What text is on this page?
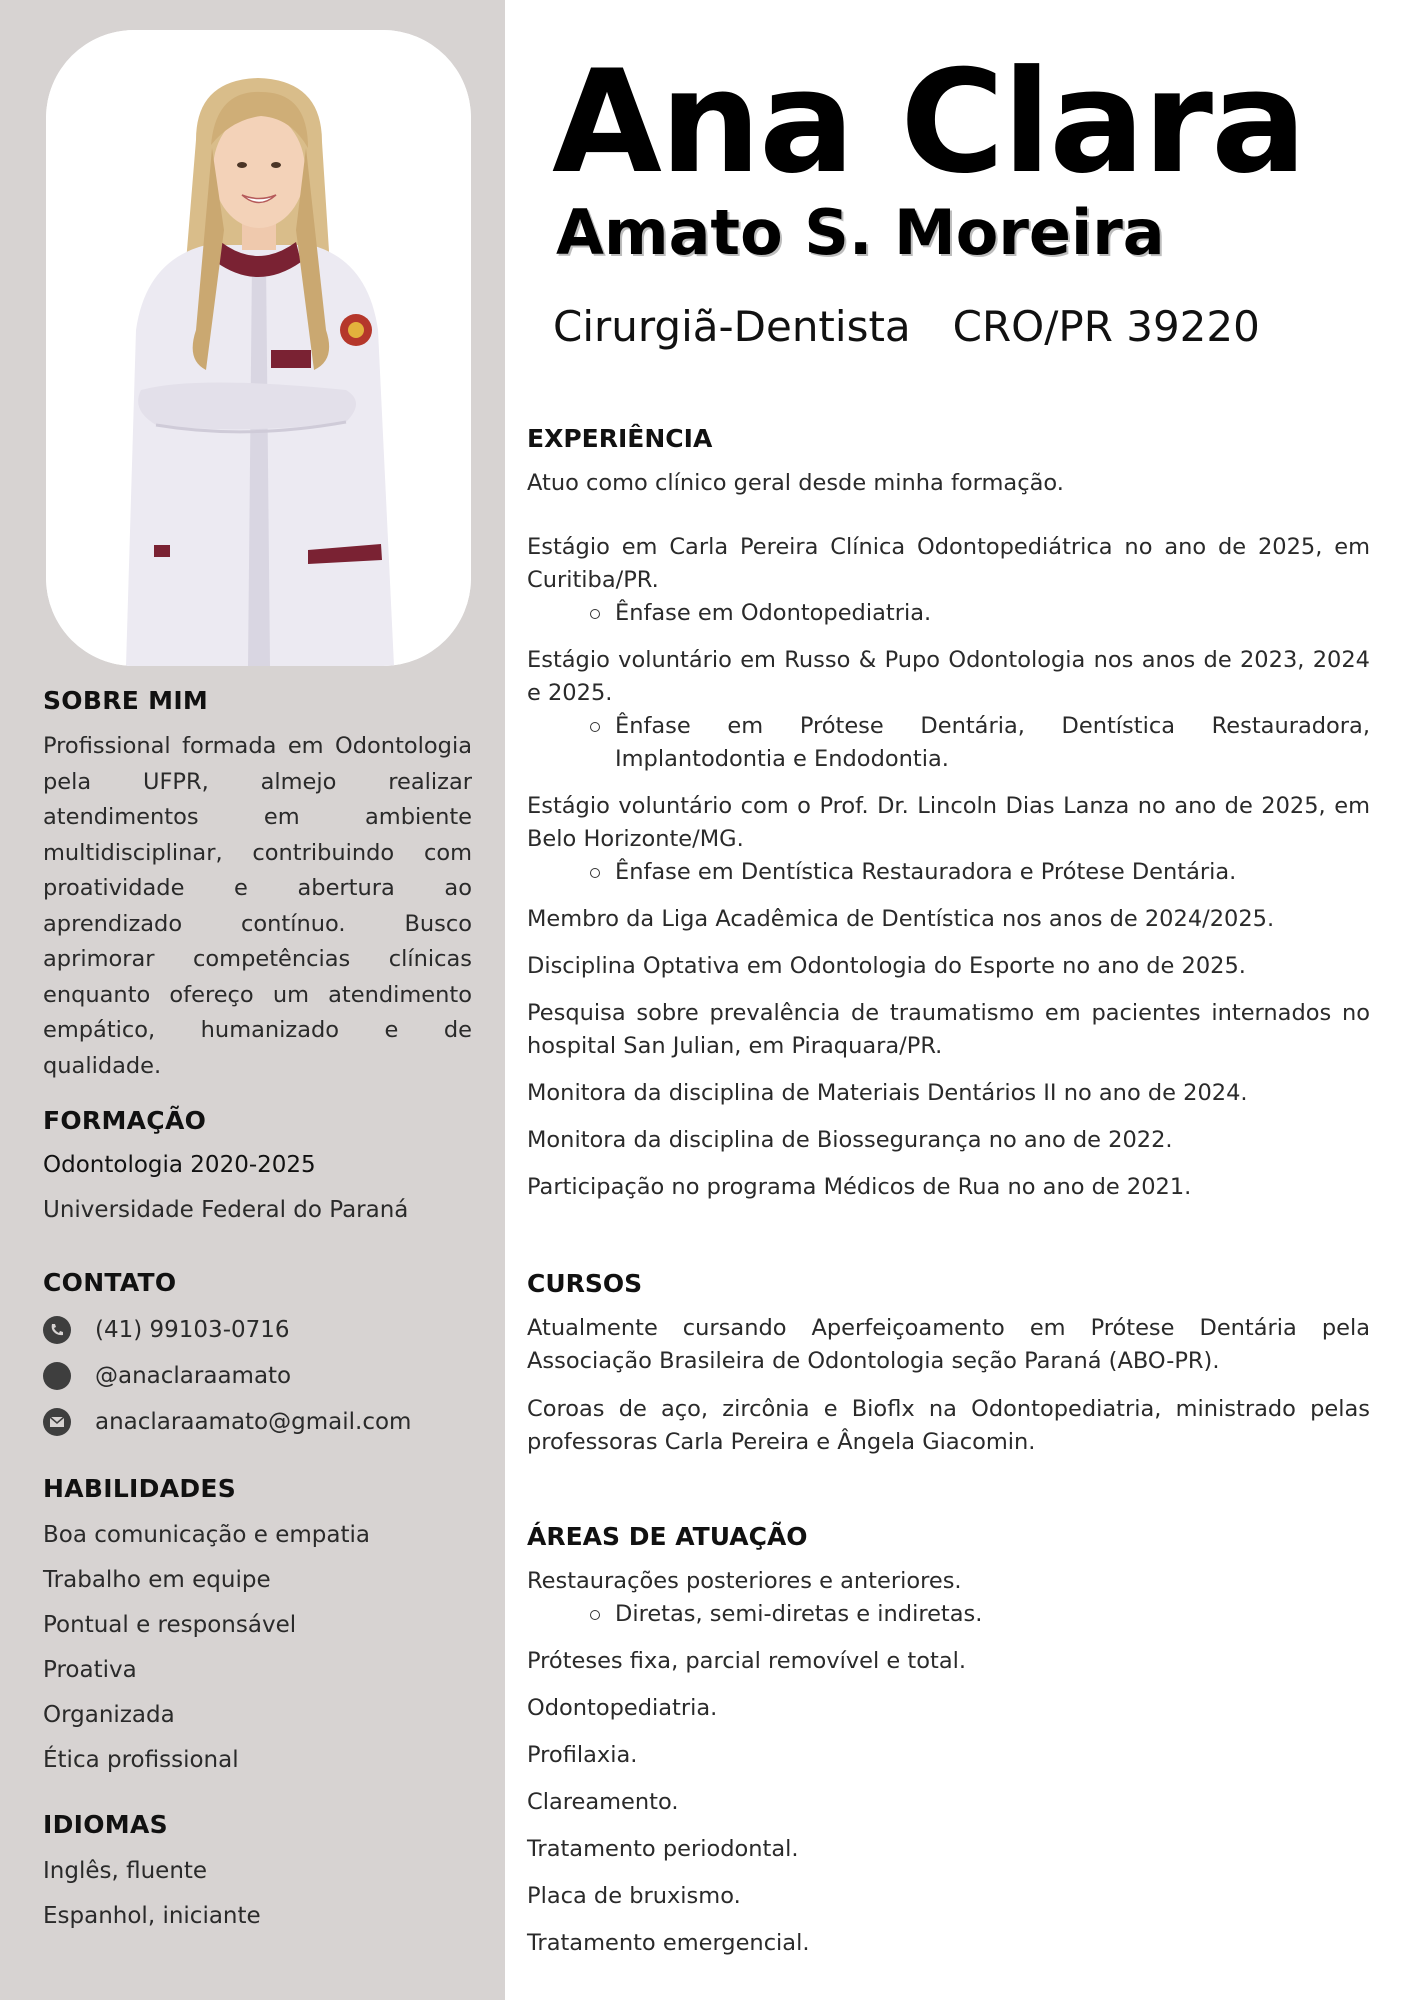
SOBRE MIM

Profissional formada em Odontologia pela UFPR, almejo realizar atendimentos em ambiente multidisciplinar, contribuindo com proatividade e abertura ao aprendizado contínuo. Busco aprimorar competências clínicas enquanto ofereço um atendimento empático, humanizado e de qualidade.

FORMAÇÃO
Odontologia 2020-2025
Universidade Federal do Paraná
CONTATO
(41) 99103-0716
@anaclaraamato
anaclaraamato@gmail.com
HABILIDADES
Boa comunicação e empatia
Trabalho em equipe
Pontual e responsável
Proativa
Organizada
Ética profissional
IDIOMAS
Inglês, fluente
Espanhol, iniciante
Ana Clara
Amato S. Moreira

Cirurgiã-Dentista CRO/PR 39220

EXPERIÊNCIA

Atuo como clínico geral desde minha formação.

Estágio em Carla Pereira Clínica Odontopediátrica no ano de 2025, em Curitiba/PR.

Ênfase em Odontopediatria.

Estágio voluntário em Russo & Pupo Odontologia nos anos de 2023, 2024 e 2025.

Ênfase em Prótese Dentária, Dentística Restauradora, Implantodontia e Endodontia.

Estágio voluntário com o Prof. Dr. Lincoln Dias Lanza no ano de 2025, em Belo Horizonte/MG.

Ênfase em Dentística Restauradora e Prótese Dentária.

Membro da Liga Acadêmica de Dentística nos anos de 2024/2025.

Disciplina Optativa em Odontologia do Esporte no ano de 2025.

Pesquisa sobre prevalência de traumatismo em pacientes internados no hospital San Julian, em Piraquara/PR.

Monitora da disciplina de Materiais Dentários II no ano de 2024.

Monitora da disciplina de Biossegurança no ano de 2022.

Participação no programa Médicos de Rua no ano de 2021.

CURSOS

Atualmente cursando Aperfeiçoamento em Prótese Dentária pela Associação Brasileira de Odontologia seção Paraná (ABO-PR).

Coroas de aço, zircônia e Bioflx na Odontopediatria, ministrado pelas professoras Carla Pereira e Ângela Giacomin.

ÁREAS DE ATUAÇÃO

Restaurações posteriores e anteriores.

Diretas, semi-diretas e indiretas.

Próteses fixa, parcial removível e total.

Odontopediatria.

Profilaxia.

Clareamento.

Tratamento periodontal.

Placa de bruxismo.

Tratamento emergencial.
